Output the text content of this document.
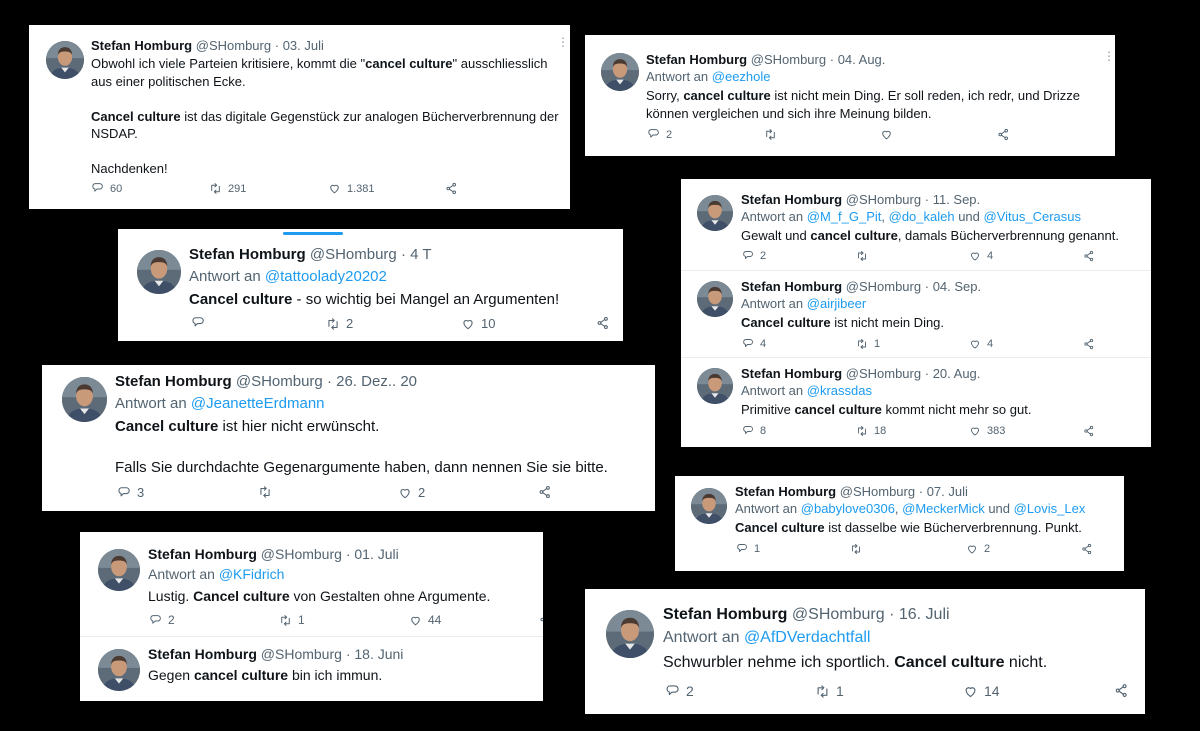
Stefan Homburg @SHomburg · 03. Juli	⋮

Obwohl ich viele Parteien kritisiere, kommt die "cancel culture" ausschliesslich aus einer politischen Ecke.

Cancel culture ist das digitale Gegenstück zur analogen Bücherverbrennung der NSDAP.

Nachdenken!

60	291	1.381
Stefan Homburg @SHomburg · 04. Aug.	⋮
Antwort an @eezhole

Sorry, cancel culture ist nicht mein Ding. Er soll reden, ich redr, und Drizze können vergleichen und sich ihre Meinung bilden.

2
Stefan Homburg @SHomburg · 4 T
Antwort an @tattoolady20202

Cancel culture - so wichtig bei Mangel an Argumenten!

2	10
Stefan Homburg @SHomburg · 11. Sep.
Antwort an @M_f_G_Pit, @do_kaleh und @Vitus_Cerasus

Gewalt und cancel culture, damals Bücherverbrennung genannt.

2	4
Stefan Homburg @SHomburg · 04. Sep.
Antwort an @airjibeer

Cancel culture ist nicht mein Ding.

4	1	4
Stefan Homburg @SHomburg · 20. Aug.
Antwort an @krassdas

Primitive cancel culture kommt nicht mehr so gut.

8	18	383
Stefan Homburg @SHomburg · 26. Dez.. 20
Antwort an @JeanetteErdmann

Cancel culture ist hier nicht erwünscht.

Falls Sie durchdachte Gegenargumente haben, dann nennen Sie sie bitte.

3	2	Stefan Homburg @SHomburg · 07. Juli
Antwort an @babylove0306, @MeckerMick und @Lovis_Lex

Cancel culture ist dasselbe wie Bücherverbrennung. Punkt.

1	2
Stefan Homburg @SHomburg · 01. Juli
Antwort an @KFidrich

Lustig. Cancel culture von Gestalten ohne Argumente.

2	1	44
Stefan Homburg @SHomburg · 18. Juni

Gegen cancel culture bin ich immun.

Stefan Homburg @SHomburg · 16. Juli
Antwort an @AfDVerdachtfall

Schwurbler nehme ich sportlich. Cancel culture nicht.

2	1	14
